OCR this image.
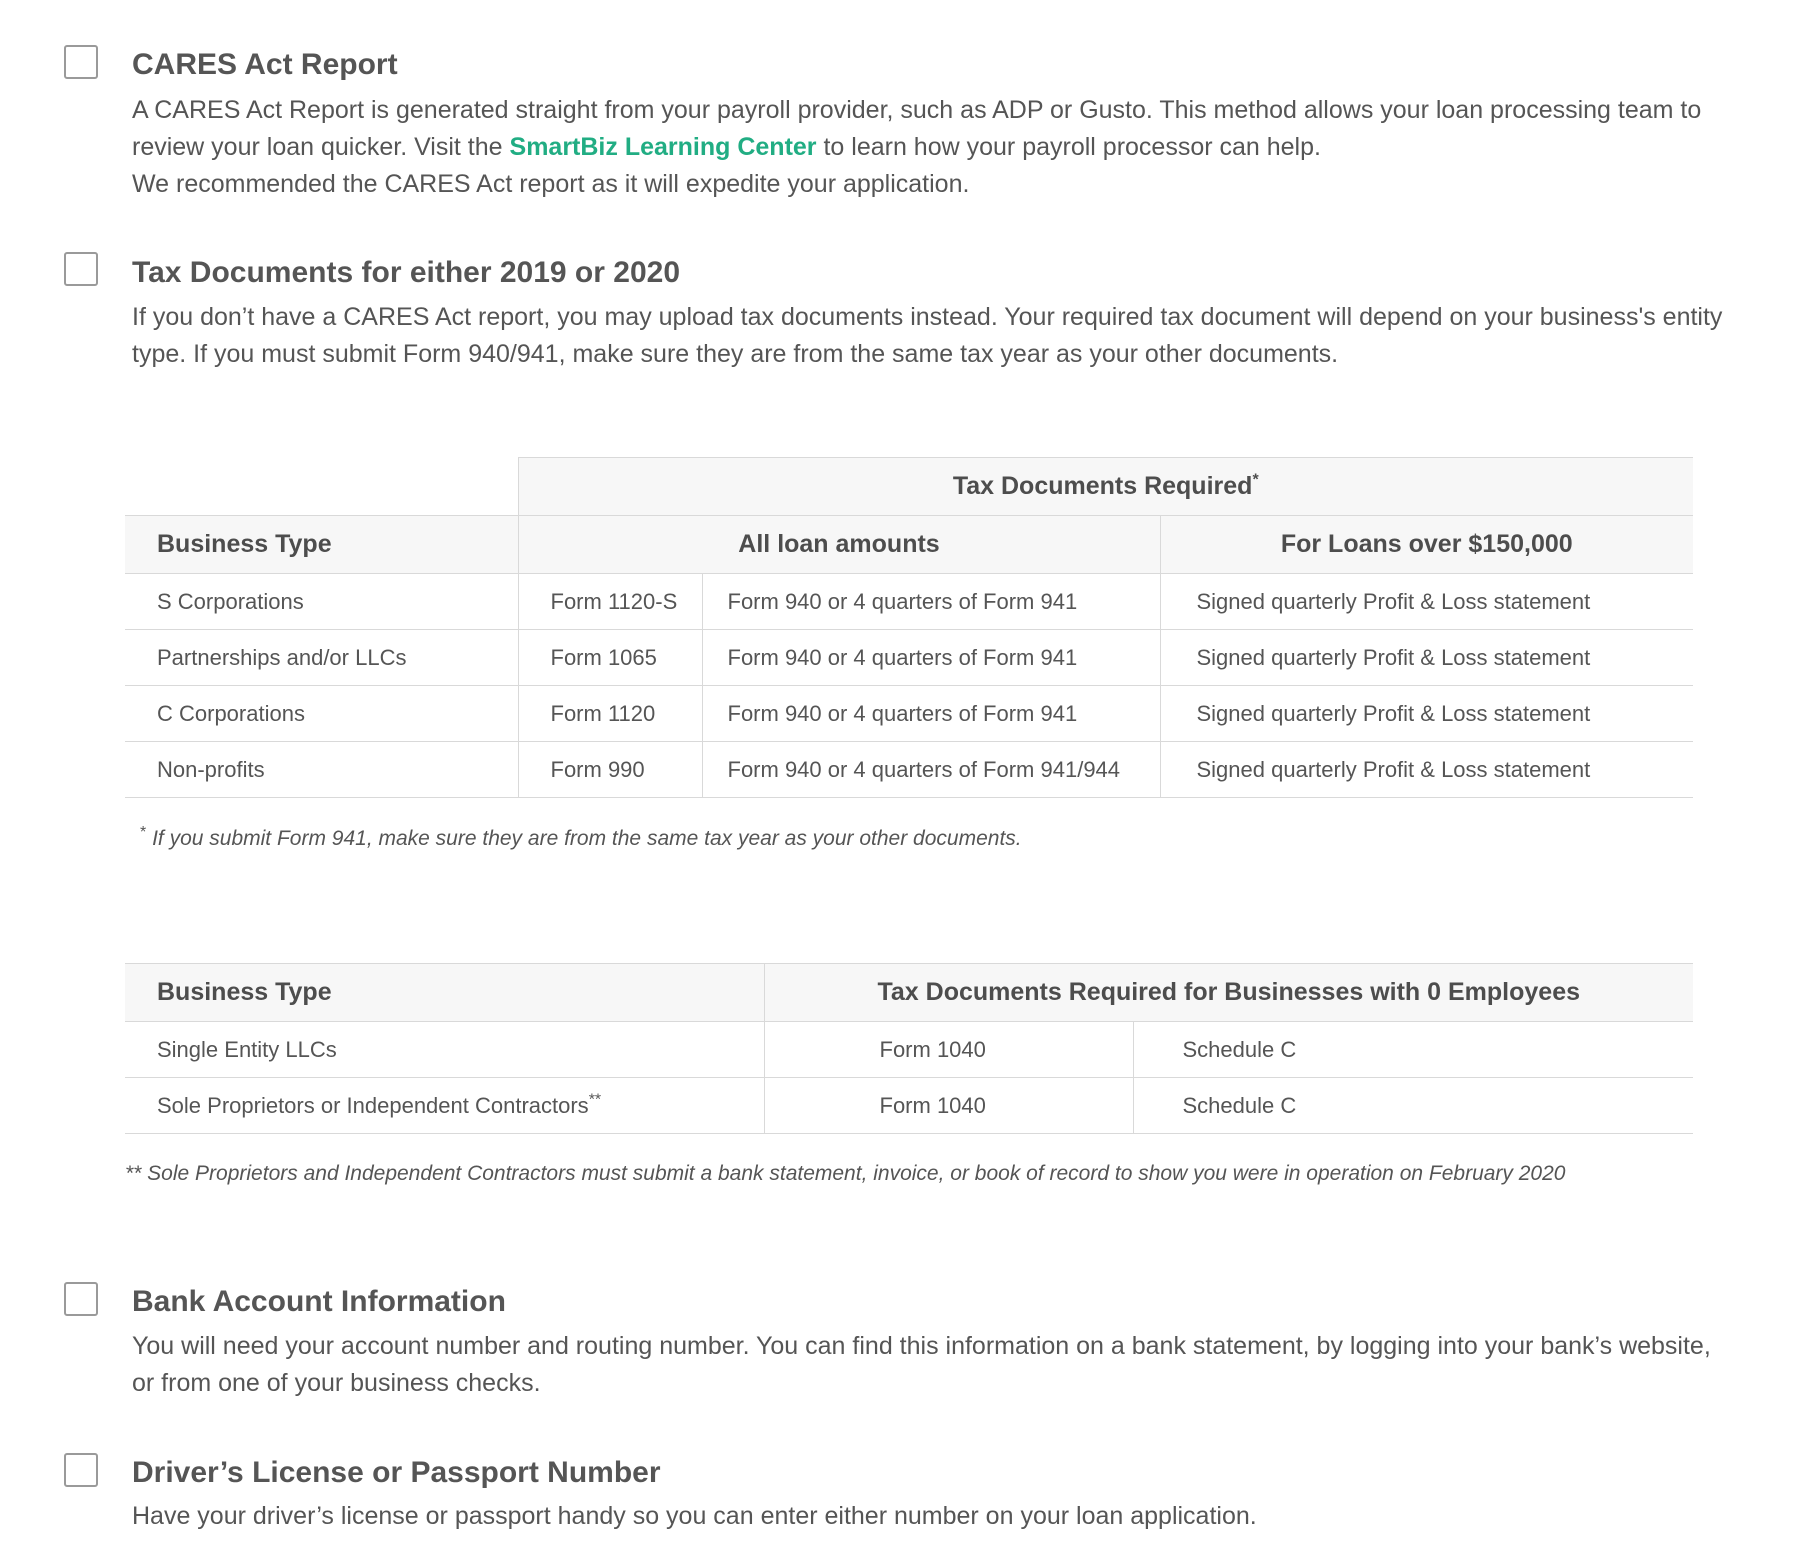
CARES Act Report
A CARES Act Report is generated straight from your payroll provider, such as ADP or Gusto. This method allows your loan processing team to review your loan quicker. Visit the SmartBiz Learning Center to learn how your payroll processor can help.
We recommended the CARES Act report as it will expedite your application.
Tax Documents for either 2019 or 2020
If you don’t have a CARES Act report, you may upload tax documents instead. Your required tax document will depend on your business's entity type. If you must submit Form 940/941, make sure they are from the same tax year as your other documents.
	Tax Documents Required*
Business Type	All loan amounts		For Loans over $150,000
S Corporations	Form 1120-S	Form 940 or 4 quarters of Form 941	Signed quarterly Profit & Loss statement
Partnerships and/or LLCs	Form 1065	Form 940 or 4 quarters of Form 941	Signed quarterly Profit & Loss statement
C Corporations	Form 1120	Form 940 or 4 quarters of Form 941	Signed quarterly Profit & Loss statement
Non-profits	Form 990	Form 940 or 4 quarters of Form 941/944	Signed quarterly Profit & Loss statement
* If you submit Form 941, make sure they are from the same tax year as your other documents.
Business Type	Tax Documents Required for Businesses with 0 Employees	
Single Entity LLCs	Form 1040	Schedule C
Sole Proprietors or Independent Contractors**	Form 1040	Schedule C
** Sole Proprietors and Independent Contractors must submit a bank statement, invoice, or book of record to show you were in operation on February 2020
Bank Account Information
You will need your account number and routing number. You can find this information on a bank statement, by logging into your bank’s website, or from one of your business checks.
Driver’s License or Passport Number
Have your driver’s license or passport handy so you can enter either number on your loan application.
